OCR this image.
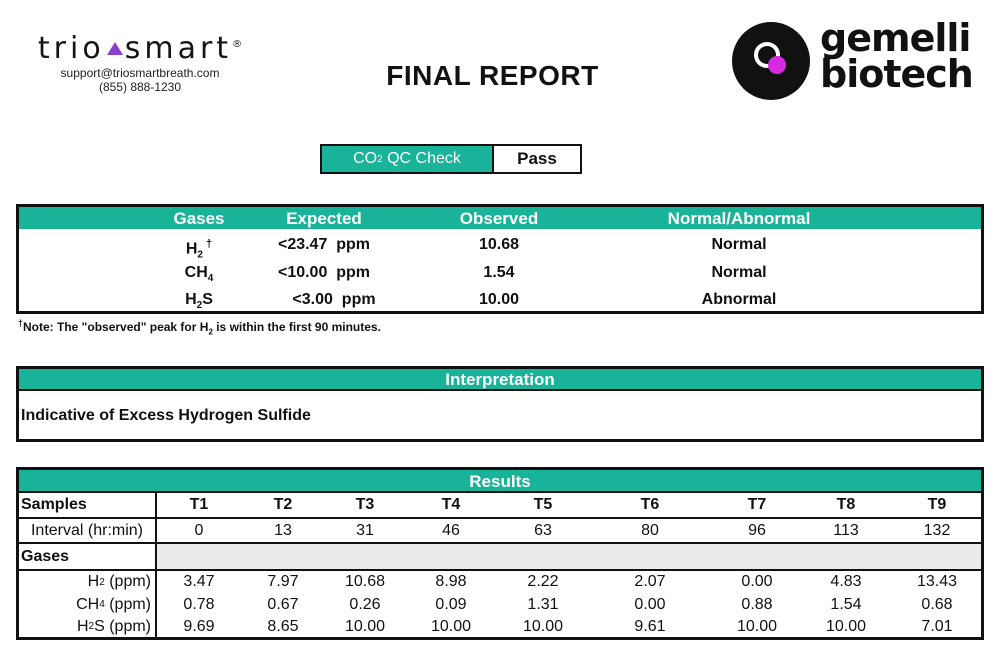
trio smart®
support@triosmartbreath.com
(855) 888-1230	FINAL REPORT
gemelli
biotech
CO 2 QC Check	Pass
Gases	Expected	Observed	Normal/Abnormal
$H_2$ †	<23.47  ppm	10.68	Normal
$CH_4$	<10.00  ppm	1.54	Normal
$H_2S$	<3.00  ppm	10.00	Abnormal
†Note: The "observed" peak for $H_2$ is within the first 90 minutes.
Interpretation
Indicative of Excess Hydrogen Sulfide
Results
Samples	T1	T2	T3	T4	T5	T6	T7	T8	T9
Interval (hr:min)	0	13	31	46	63	80	96	113	132
Gases
H 2 (ppm)	3.47	7.97	10.68	8.98	2.22	2.07	0.00	4.83	13.43
CH 4 (ppm)	0.78	0.67	0.26	0.09	1.31	0.00	0.88	1.54	0.68
H 2 S (ppm)	9.69	8.65	10.00	10.00	10.00	9.61	10.00	10.00	7.01
